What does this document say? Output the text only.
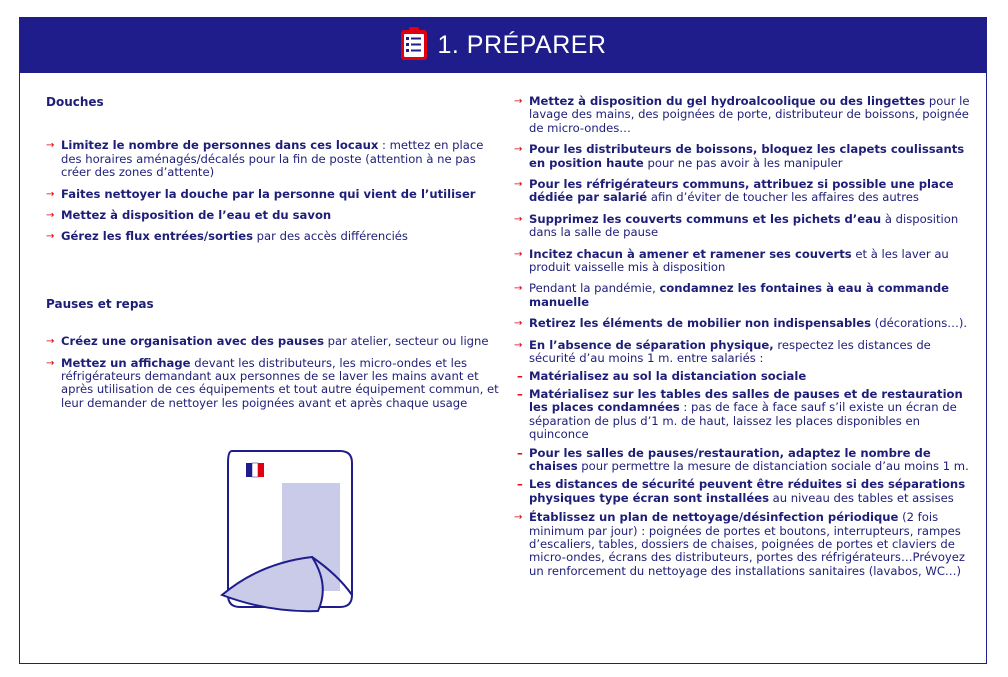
1. PRÉPARER

Douches

→ Limitez le nombre de personnes dans ces locaux : mettez en place des horaires aménagés/décalés pour la fin de poste (attention à ne pas créer des zones d’attente)
→ Faites nettoyer la douche par la personne qui vient de l’utiliser
→ Mettez à disposition de l’eau et du savon
→ Gérez les flux entrées/sorties par des accès différenciés

Pauses et repas

→ Créez une organisation avec des pauses par atelier, secteur ou ligne
→ Mettez un affichage devant les distributeurs, les micro-ondes et les réfrigérateurs demandant aux personnes de se laver les mains avant et après utilisation de ces équipements et tout autre équipement commun, et leur demander de nettoyer les poignées avant et après chaque usage
→ Mettez à disposition du gel hydroalcoolique ou des lingettes pour le lavage des mains, des poignées de porte, distributeur de boissons, poignée de micro-ondes…
→ Pour les distributeurs de boissons, bloquez les clapets coulissants en position haute pour ne pas avoir à les manipuler
→ Pour les réfrigérateurs communs, attribuez si possible une place dédiée par salarié afin d’éviter de toucher les affaires des autres
→ Supprimez les couverts communs et les pichets d’eau à disposition dans la salle de pause
→ Incitez chacun à amener et ramener ses couverts et à les laver au produit vaisselle mis à disposition
→ Pendant la pandémie, condamnez les fontaines à eau à commande manuelle
→ Retirez les éléments de mobilier non indispensables (décorations…).
→ En l’absence de séparation physique, respectez les distances de sécurité d’au moins 1 m. entre salariés :
– Matérialisez au sol la distanciation sociale
– Matérialisez sur les tables des salles de pauses et de restauration les places condamnées : pas de face à face sauf s’il existe un écran de séparation de plus d’1 m. de haut, laissez les places disponibles en quinconce
– Pour les salles de pauses/restauration, adaptez le nombre de chaises pour permettre la mesure de distanciation sociale d’au moins 1 m.
– Les distances de sécurité peuvent être réduites si des séparations physiques type écran sont installées au niveau des tables et assises
→ Établissez un plan de nettoyage/désinfection périodique (2 fois minimum par jour) : poignées de portes et boutons, interrupteurs, rampes d’escaliers, tables, dossiers de chaises, poignées de portes et claviers de micro-ondes, écrans des distributeurs, portes des réfrigérateurs…Prévoyez un renforcement du nettoyage des installations sanitaires (lavabos, WC…)
